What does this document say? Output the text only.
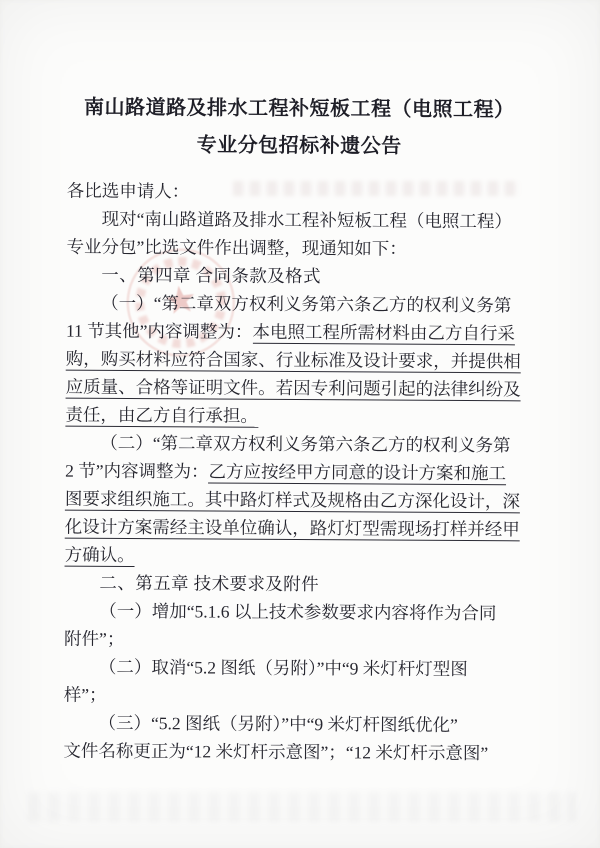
南山路道路及排水工程补短板工程（电照工程）
专业分包招标补遗公告
各比选申请人：
现对“南山路道路及排水工程补短板工程（电照工程）
专业分包”比选文件作出调整，现通知如下：
一、第四章 合同条款及格式
（一）“第二章双方权利义务第六条乙方的权利义务第
11 节其他”内容调整为：本电照工程所需材料由乙方自行采
购，购买材料应符合国家、行业标准及设计要求，并提供相
应质量、合格等证明文件。若因专利问题引起的法律纠纷及
责任，由乙方自行承担。
（二）“第二章双方权利义务第六条乙方的权利义务第
2 节”内容调整为：乙方应按经甲方同意的设计方案和施工
图要求组织施工。其中路灯样式及规格由乙方深化设计，深
化设计方案需经主设单位确认，路灯灯型需现场打样并经甲
方确认。
二、第五章 技术要求及附件
（一）增加“5.1.6 以上技术参数要求内容将作为合同
附件”；
（二）取消“5.2 图纸（另附）”中“9 米灯杆灯型图
样”；
（三）“5.2 图纸（另附）”中“9 米灯杆图纸优化”
文件名称更正为“12 米灯杆示意图”；“12 米灯杆示意图”
